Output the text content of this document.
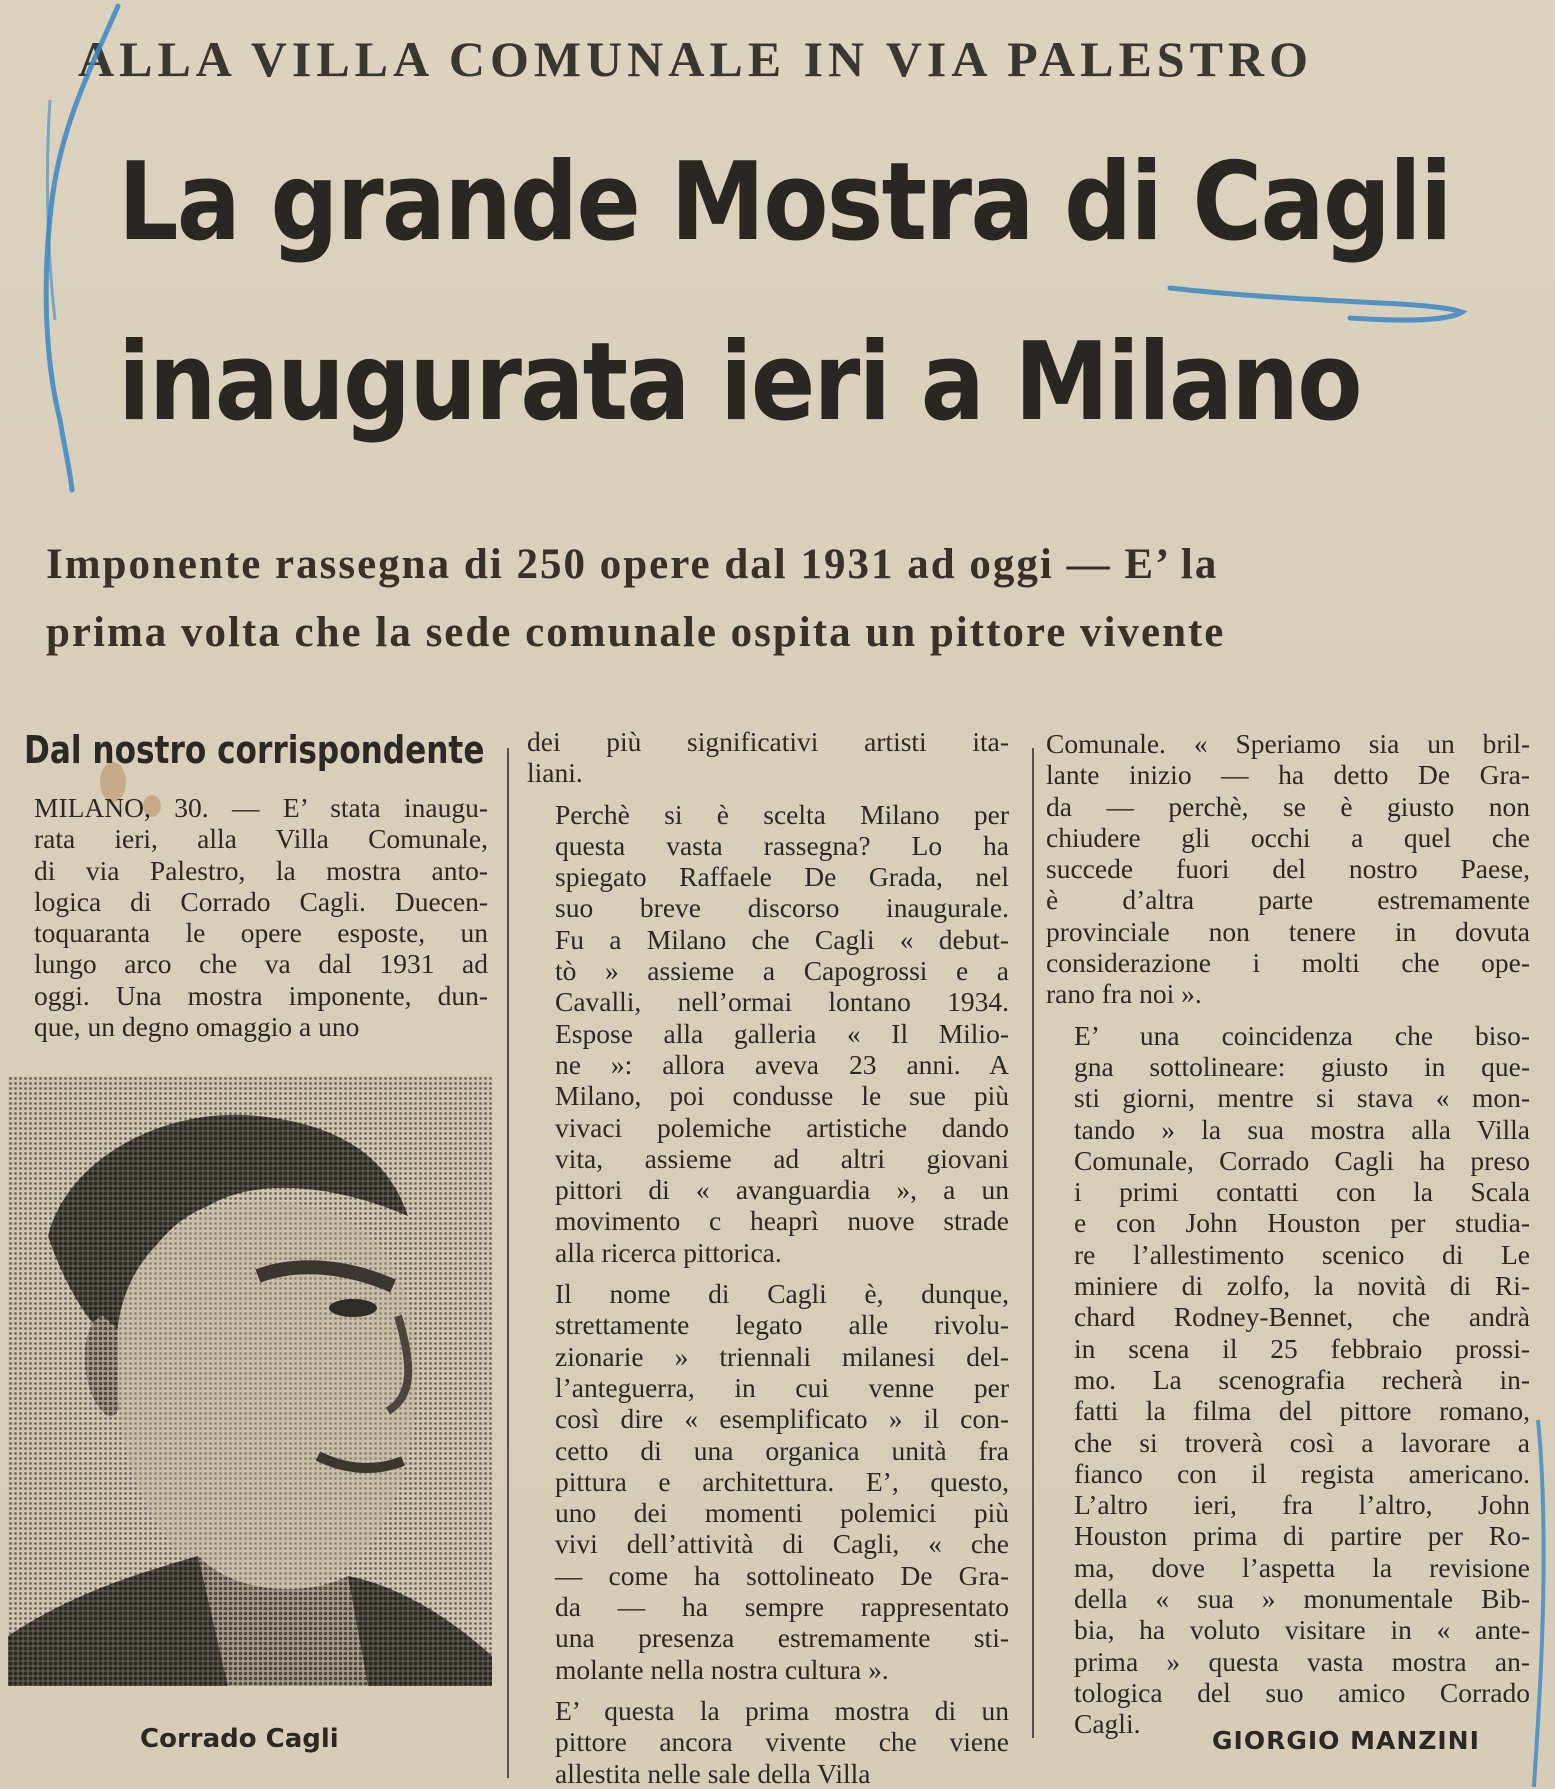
ALLA VILLA COMUNALE IN VIA PALESTRO
La grande Mostra di Cagli
inaugurata ieri a Milano
Imponente rassegna di 250 opere dal 1931 ad oggi — E’ la
prima volta che la sede comunale ospita un pittore vivente
Dal nostro corrispondente

MILANO, 30. — E’ stata inaugu-
rata ieri, alla Villa Comunale,
di via Palestro, la mostra anto-
logica di Corrado Cagli. Duecen-
toquaranta le opere esposte, un
lungo arco che va dal 1931 ad
oggi. Una mostra imponente, dun-
que, un degno omaggio a uno

Corrado Cagli

dei più significativi artisti ita-
liani.

Perchè si è scelta Milano per
questa vasta rassegna? Lo ha
spiegato Raffaele De Grada, nel
suo breve discorso inaugurale.
Fu a Milano che Cagli « debut-
tò » assieme a Capogrossi e a
Cavalli, nell’ormai lontano 1934.
Espose alla galleria « Il Milio-
ne »: allora aveva 23 anni. A
Milano, poi condusse le sue più
vivaci polemiche artistiche dando
vita, assieme ad altri giovani
pittori di « avanguardia », a un
movimento c heaprì nuove strade
alla ricerca pittorica.

Il nome di Cagli è, dunque,
strettamente legato alle rivolu-
zionarie » triennali milanesi del-
l’anteguerra, in cui venne per
così dire « esemplificato » il con-
cetto di una organica unità fra
pittura e architettura. E’, questo,
uno dei momenti polemici più
vivi dell’attività di Cagli, « che
— come ha sottolineato De Gra-
da — ha sempre rappresentato
una presenza estremamente sti-
molante nella nostra cultura ».

E’ questa la prima mostra di un
pittore ancora vivente che viene
allestita nelle sale della Villa

Comunale. « Speriamo sia un bril-
lante inizio — ha detto De Gra-
da — perchè, se è giusto non
chiudere gli occhi a quel che
succede fuori del nostro Paese,
è d’altra parte estremamente
provinciale non tenere in dovuta
considerazione i molti che ope-
rano fra noi ».

E’ una coincidenza che biso-
gna sottolineare: giusto in que-
sti giorni, mentre si stava « mon-
tando » la sua mostra alla Villa
Comunale, Corrado Cagli ha preso
i primi contatti con la Scala
e con John Houston per studia-
re l’allestimento scenico di Le
miniere di zolfo, la novità di Ri-
chard Rodney-Bennet, che andrà
in scena il 25 febbraio prossi-
mo. La scenografia recherà in-
fatti la filma del pittore romano,
che si troverà così a lavorare a
fianco con il regista americano.
L’altro ieri, fra l’altro, John
Houston prima di partire per Ro-
ma, dove l’aspetta la revisione
della « sua » monumentale Bib-
bia, ha voluto visitare in « ante-
prima » questa vasta mostra an-
tologica del suo amico Corrado
Cagli.

GIORGIO MANZINI
